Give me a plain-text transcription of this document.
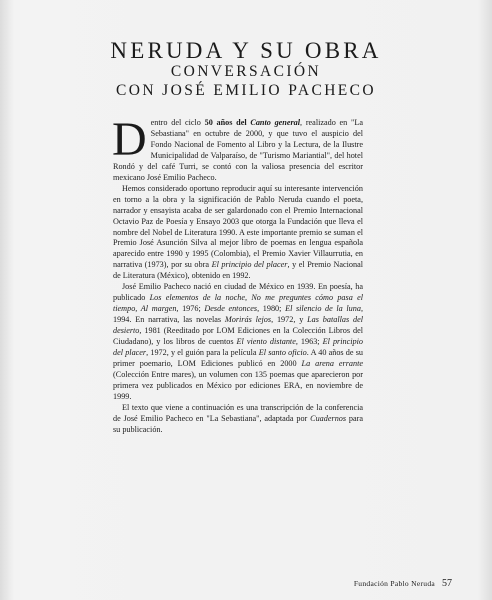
NERUDA Y SU OBRA
CONVERSACIÓN
CON JOSÉ EMILIO PACHECO

Dentro del ciclo 50 años del Canto general, realizado en "La Sebastiana" en octubre de 2000, y que tuvo el auspicio del Fondo Nacional de Fomento al Libro y la Lectura, de la Ilustre Municipalidad de Valparaíso, de "Turismo Mariantial", del hotel Rondó y del café Turri, se contó con la valiosa presencia del escritor mexicano José Emilio Pacheco.

Hemos considerado oportuno reproducir aquí su interesante intervención en torno a la obra y la significación de Pablo Neruda cuando el poeta, narrador y ensayista acaba de ser galardonado con el Premio Internacional Octavio Paz de Poesía y Ensayo 2003 que otorga la Fundación que lleva el nombre del Nobel de Literatura 1990. A este importante premio se suman el Premio José Asunción Silva al mejor libro de poemas en lengua española aparecido entre 1990 y 1995 (Colombia), el Premio Xavier Villaurrutia, en narrativa (1973), por su obra El principio del placer, y el Premio Nacional de Literatura (México), obtenido en 1992.

José Emilio Pacheco nació en ciudad de México en 1939. En poesía, ha publicado Los elementos de la noche, No me preguntes cómo pasa el tiempo, Al margen, 1976; Desde entonces, 1980; El silencio de la luna, 1994. En narrativa, las novelas Morirás lejos, 1972, y Las batallas del desierto, 1981 (Reeditado por LOM Ediciones en la Colección Libros del Ciudadano), y los libros de cuentos El viento distante, 1963; El principio del placer, 1972, y el guión para la película El santo oficio. A 40 años de su primer poemario, LOM Ediciones publicó en 2000 La arena errante (Colección Entre mares), un volumen con 135 poemas que aparecieron por primera vez publicados en México por ediciones ERA, en noviembre de 1999.

El texto que viene a continuación es una transcripción de la conferencia de José Emilio Pacheco en "La Sebastiana", adaptada por Cuadernos para su publicación.

Fundación Pablo Neruda 57
